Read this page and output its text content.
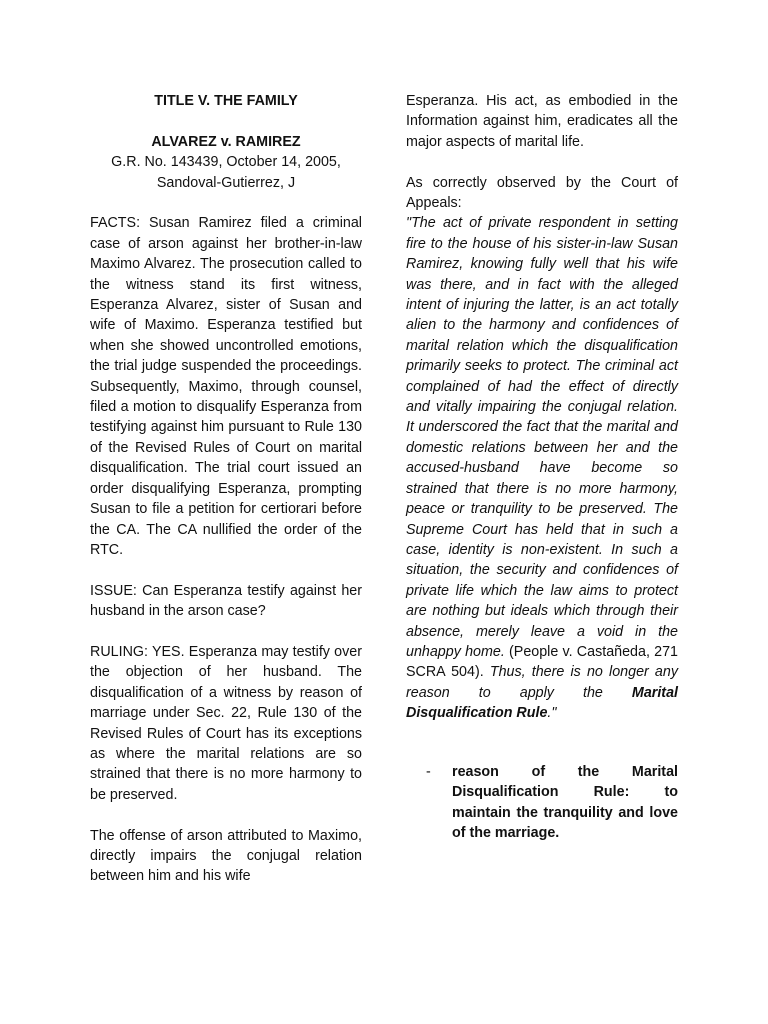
TITLE V. THE FAMILY

ALVAREZ v. RAMIREZ

G.R. No. 143439, October 14, 2005,

Sandoval-Gutierrez, J

FACTS: Susan Ramirez filed a criminal case of arson against her brother-in-law Maximo Alvarez. The prosecution called to the witness stand its first witness, Esperanza Alvarez, sister of Susan and wife of Maximo. Esperanza testified but when she showed uncontrolled emotions, the trial judge suspended the proceedings. Subsequently, Maximo, through counsel, filed a motion to disqualify Esperanza from testifying against him pursuant to Rule 130 of the Revised Rules of Court on marital disqualification. The trial court issued an order disqualifying Esperanza, prompting Susan to file a petition for certiorari before the CA. The CA nullified the order of the RTC.

ISSUE: Can Esperanza testify against her husband in the arson case?

RULING: YES. Esperanza may testify over the objection of her husband. The disqualification of a witness by reason of marriage under Sec. 22, Rule 130 of the Revised Rules of Court has its exceptions as where the marital relations are so strained that there is no more harmony to be preserved.

The offense of arson attributed to Maximo, directly impairs the conjugal relation between him and his wife

Esperanza. His act, as embodied in the Information against him, eradicates all the major aspects of marital life.

As correctly observed by the Court of Appeals:

"The act of private respondent in setting fire to the house of his sister-in-law Susan Ramirez, knowing fully well that his wife was there, and in fact with the alleged intent of injuring the latter, is an act totally alien to the harmony and confidences of marital relation which the disqualification primarily seeks to protect. The criminal act complained of had the effect of directly and vitally impairing the conjugal relation. It underscored the fact that the marital and domestic relations between her and the accused-husband have become so strained that there is no more harmony, peace or tranquility to be preserved. The Supreme Court has held that in such a case, identity is non-existent. In such a situation, the security and confidences of private life which the law aims to protect are nothing but ideals which through their absence, merely leave a void in the unhappy home. (People v. Castañeda, 271 SCRA 504). Thus, there is no longer any reason to apply the Marital Disqualification Rule."

- reason of the Marital Disqualification Rule: to maintain the tranquility and love of the marriage.
